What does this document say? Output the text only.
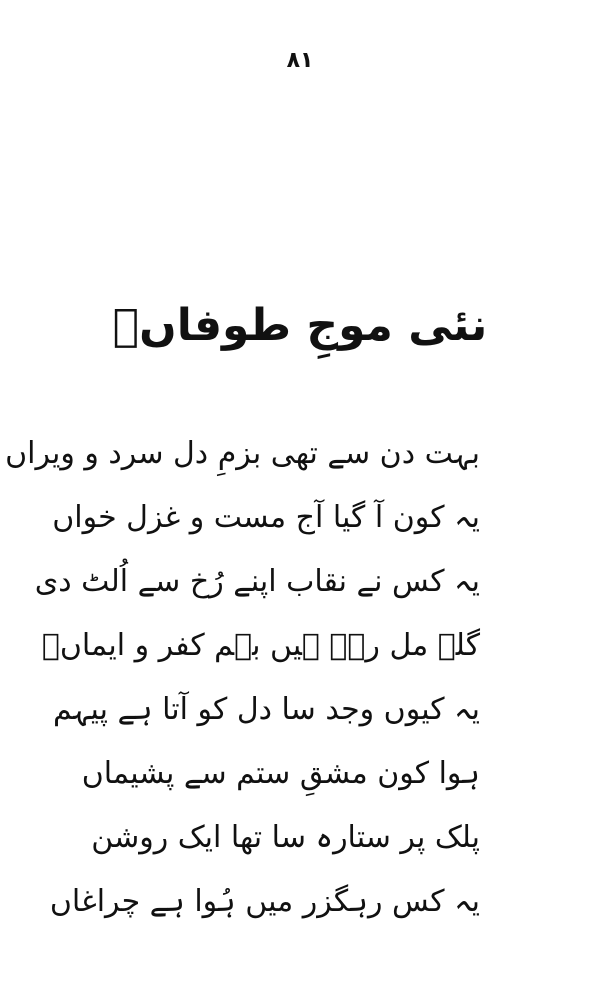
۸۱
نئی موجِ طوفاںؔ
بہت دن سے تھی بزمِ دل سرد و ویراں
یہ کون آ گیا آج مست و غزل خواں
یہ کس نے نقاب اپنے رُخ سے اُلٹ دی
گلے مل رہے ہیں بہم کفر و ایماںؔ
یہ کیوں وجد سا دل کو آتا ہے پیہم
ہوا کون مشقِ ستم سے پشیماں
پلک پر ستارہ سا تھا ایک روشن
یہ کس رہگزر میں ہُوا ہے چراغاں
